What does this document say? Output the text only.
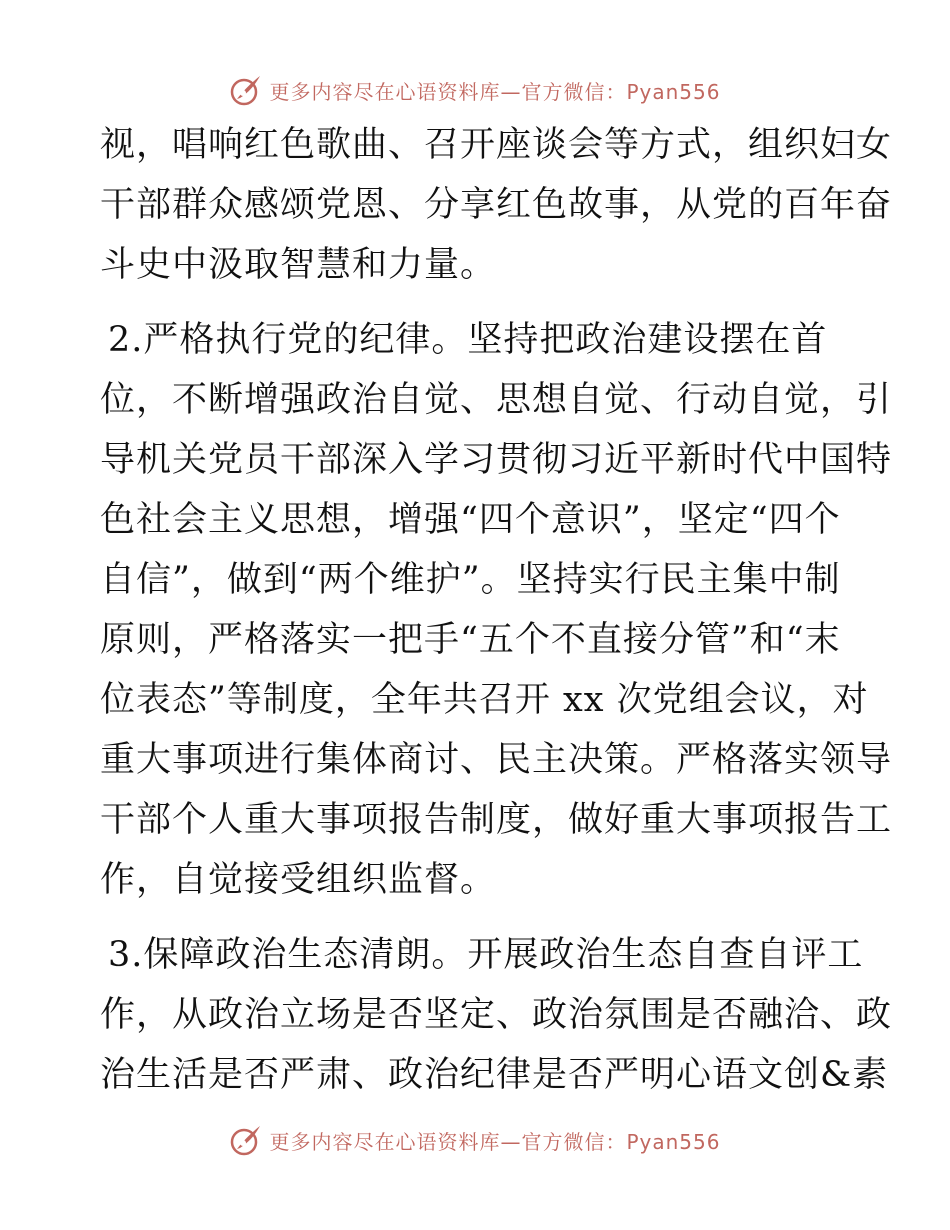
更多内容尽在心语资料库—官方微信：Pyan556
视，唱响红色歌曲、召开座谈会等方式，组织妇女
干部群众感颂党恩、分享红色故事，从党的百年奋
斗史中汲取智慧和力量。
2.严格执行党的纪律。坚持把政治建设摆在首
位，不断增强政治自觉、思想自觉、行动自觉，引
导机关党员干部深入学习贯彻习近平新时代中国特
色社会主义思想，增强“四个意识”，坚定“四个
自信”，做到“两个维护”。坚持实行民主集中制
原则，严格落实一把手“五个不直接分管”和“末
位表态”等制度，全年共召开 xx 次党组会议，对
重大事项进行集体商讨、民主决策。严格落实领导
干部个人重大事项报告制度，做好重大事项报告工
作，自觉接受组织监督。
3.保障政治生态清朗。开展政治生态自查自评工
作，从政治立场是否坚定、政治氛围是否融洽、政
治生活是否严肃、政治纪律是否严明心语文创&素
更多内容尽在心语资料库—官方微信：Pyan556
